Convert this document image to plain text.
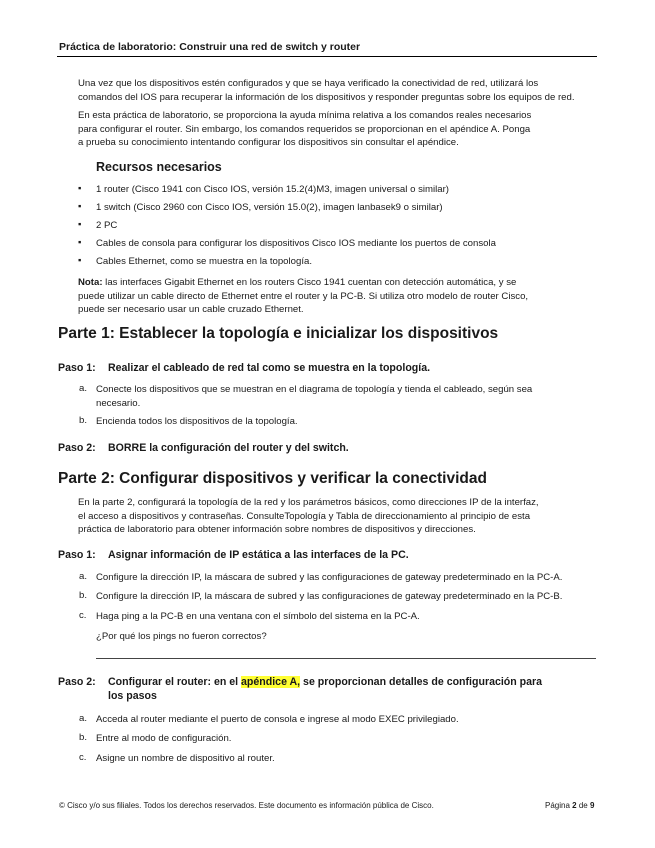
Práctica de laboratorio: Construir una red de switch y router
Una vez que los dispositivos estén configurados y que se haya verificado la conectividad de red, utilizará los
comandos del IOS para recuperar la información de los dispositivos y responder preguntas sobre los equipos de red.
En esta práctica de laboratorio, se proporciona la ayuda mínima relativa a los comandos reales necesarios
para configurar el router. Sin embargo, los comandos requeridos se proporcionan en el apéndice A. Ponga
a prueba su conocimiento intentando configurar los dispositivos sin consultar el apéndice.
Recursos necesarios
▪ 1 router (Cisco 1941 con Cisco IOS, versión 15.2(4)M3, imagen universal o similar)
▪ 1 switch (Cisco 2960 con Cisco IOS, versión 15.0(2), imagen lanbasek9 o similar)
▪ 2 PC
▪ Cables de consola para configurar los dispositivos Cisco IOS mediante los puertos de consola
▪ Cables Ethernet, como se muestra en la topología.
Nota: las interfaces Gigabit Ethernet en los routers Cisco 1941 cuentan con detección automática, y se
puede utilizar un cable directo de Ethernet entre el router y la PC-B. Si utiliza otro modelo de router Cisco,
puede ser necesario usar un cable cruzado Ethernet.
Parte 1: Establecer la topología e inicializar los dispositivos
Paso 1: Realizar el cableado de red tal como se muestra en la topología.
a. Conecte los dispositivos que se muestran en el diagrama de topología y tienda el cableado, según sea
necesario.
b. Encienda todos los dispositivos de la topología.
Paso 2: BORRE la configuración del router y del switch.
Parte 2: Configurar dispositivos y verificar la conectividad
En la parte 2, configurará la topología de la red y los parámetros básicos, como direcciones IP de la interfaz,
el acceso a dispositivos y contraseñas. ConsulteTopología y Tabla de direccionamiento al principio de esta
práctica de laboratorio para obtener información sobre nombres de dispositivos y direcciones.
Paso 1: Asignar información de IP estática a las interfaces de la PC.
a. Configure la dirección IP, la máscara de subred y las configuraciones de gateway predeterminado en la PC-A.
b. Configure la dirección IP, la máscara de subred y las configuraciones de gateway predeterminado en la PC-B.
c. Haga ping a la PC-B en una ventana con el símbolo del sistema en la PC-A.
¿Por qué los pings no fueron correctos?
Paso 2: Configurar el router: en el apéndice A, se proporcionan detalles de configuración para
los pasos
a. Acceda al router mediante el puerto de consola e ingrese al modo EXEC privilegiado.
b. Entre al modo de configuración.
c. Asigne un nombre de dispositivo al router.
© Cisco y/o sus filiales. Todos los derechos reservados. Este documento es información pública de Cisco.	Página 2 de 9
